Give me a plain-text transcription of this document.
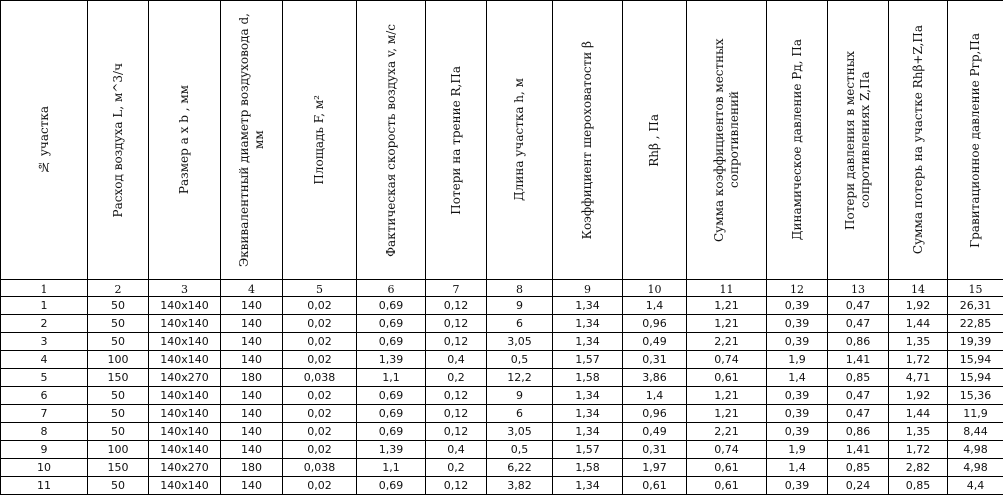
№ участка	Расход воздуха L, м^3/ч	Размер а х b , мм	Эквивалентный диаметр воздуховода d, мм	Площадь F, м²	Фактическая скорость воздуха v, м/с	Потери на трение R,Па	Длина участка h, м	Коэффициент шероховатости β	Rhβ , Па	Сумма коэффициентов местных сопротивлений	Динамическое давление Pд, Па	Потери давления в местных сопротивлениях Z,Па	Сумма потерь на участке Rhβ+Z,Па	Гравитационное давление Ргр,Па

1	2	3	4	5	6	7	8	9	10	11	12	13	14	15
1	50	140x140	140	0,02	0,69	0,12	9	1,34	1,4	1,21	0,39	0,47	1,92	26,31
2	50	140x140	140	0,02	0,69	0,12	6	1,34	0,96	1,21	0,39	0,47	1,44	22,85
3	50	140x140	140	0,02	0,69	0,12	3,05	1,34	0,49	2,21	0,39	0,86	1,35	19,39
4	100	140x140	140	0,02	1,39	0,4	0,5	1,57	0,31	0,74	1,9	1,41	1,72	15,94
5	150	140x270	180	0,038	1,1	0,2	12,2	1,58	3,86	0,61	1,4	0,85	4,71	15,94
6	50	140x140	140	0,02	0,69	0,12	9	1,34	1,4	1,21	0,39	0,47	1,92	15,36
7	50	140x140	140	0,02	0,69	0,12	6	1,34	0,96	1,21	0,39	0,47	1,44	11,9
8	50	140x140	140	0,02	0,69	0,12	3,05	1,34	0,49	2,21	0,39	0,86	1,35	8,44
9	100	140x140	140	0,02	1,39	0,4	0,5	1,57	0,31	0,74	1,9	1,41	1,72	4,98
10	150	140x270	180	0,038	1,1	0,2	6,22	1,58	1,97	0,61	1,4	0,85	2,82	4,98
11	50	140x140	140	0,02	0,69	0,12	3,82	1,34	0,61	0,61	0,39	0,24	0,85	4,4
